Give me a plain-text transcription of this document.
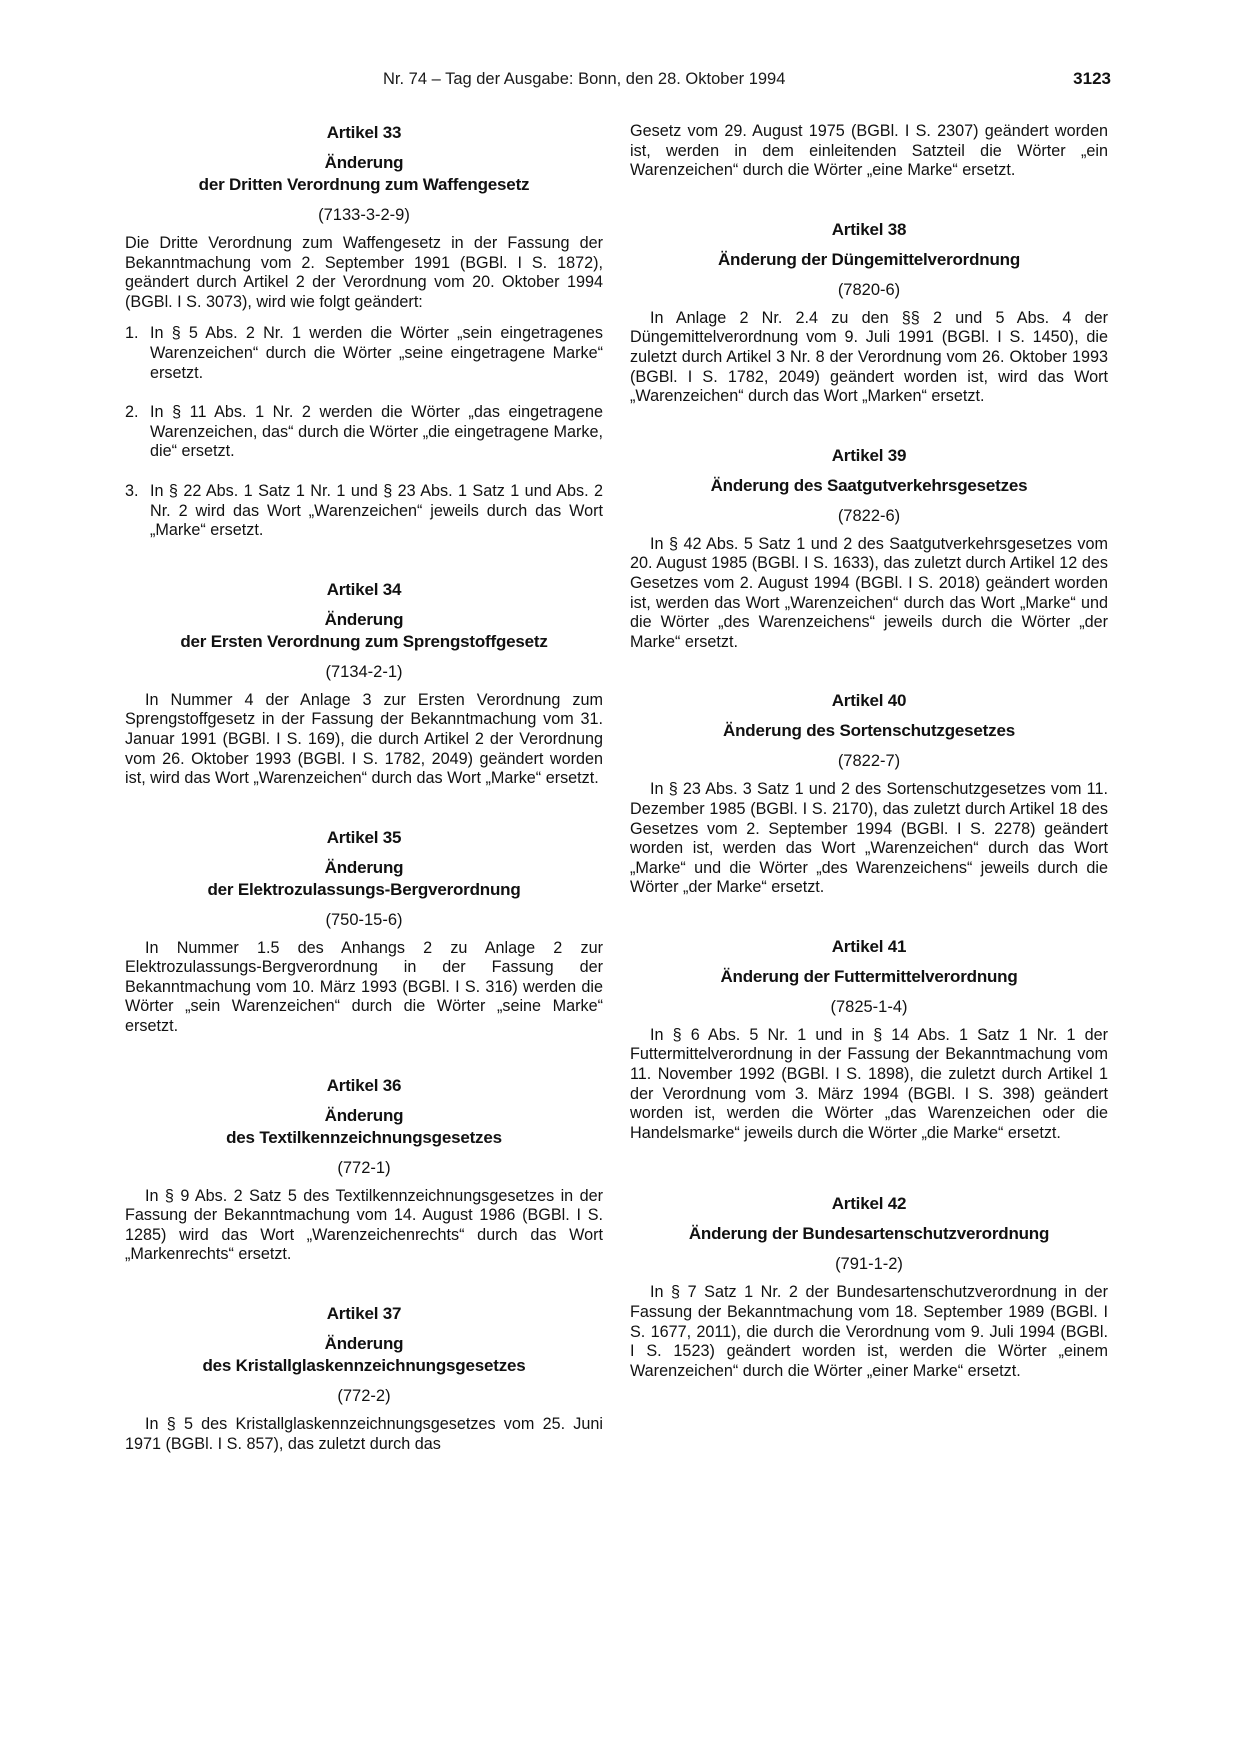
Nr. 74 – Tag der Ausgabe: Bonn, den 28. Oktober 1994	3123
Artikel 33
Änderung
der Dritten Verordnung zum Waffengesetz
(7133-3-2-9)

Die Dritte Verordnung zum Waffengesetz in der Fassung der Bekanntmachung vom 2. September 1991 (BGBl. I S. 1872), geändert durch Artikel 2 der Verordnung vom 20. Oktober 1994 (BGBl. I S. 3073), wird wie folgt geändert:

1. In § 5 Abs. 2 Nr. 1 werden die Wörter „sein eingetragenes Warenzeichen“ durch die Wörter „seine eingetragene Marke“ ersetzt.
2. In § 11 Abs. 1 Nr. 2 werden die Wörter „das eingetragene Warenzeichen, das“ durch die Wörter „die eingetragene Marke, die“ ersetzt.
3. In § 22 Abs. 1 Satz 1 Nr. 1 und § 23 Abs. 1 Satz 1 und Abs. 2 Nr. 2 wird das Wort „Warenzeichen“ jeweils durch das Wort „Marke“ ersetzt.
Artikel 34
Änderung
der Ersten Verordnung zum Sprengstoffgesetz
(7134-2-1)

In Nummer 4 der Anlage 3 zur Ersten Verordnung zum Sprengstoffgesetz in der Fassung der Bekanntmachung vom 31. Januar 1991 (BGBl. I S. 169), die durch Artikel 2 der Verordnung vom 26. Oktober 1993 (BGBl. I S. 1782, 2049) geändert worden ist, wird das Wort „Warenzeichen“ durch das Wort „Marke“ ersetzt.

Artikel 35
Änderung
der Elektrozulassungs-Bergverordnung
(750-15-6)

In Nummer 1.5 des Anhangs 2 zu Anlage 2 zur Elektrozulassungs-Bergverordnung in der Fassung der Bekanntmachung vom 10. März 1993 (BGBl. I S. 316) werden die Wörter „sein Warenzeichen“ durch die Wörter „seine Marke“ ersetzt.

Artikel 36
Änderung
des Textilkennzeichnungsgesetzes
(772-1)

In § 9 Abs. 2 Satz 5 des Textilkennzeichnungsgesetzes in der Fassung der Bekanntmachung vom 14. August 1986 (BGBl. I S. 1285) wird das Wort „Warenzeichenrechts“ durch das Wort „Markenrechts“ ersetzt.

Artikel 37
Änderung
des Kristallglaskennzeichnungsgesetzes
(772-2)

In § 5 des Kristallglaskennzeichnungsgesetzes vom 25. Juni 1971 (BGBl. I S. 857), das zuletzt durch das

Gesetz vom 29. August 1975 (BGBl. I S. 2307) geändert worden ist, werden in dem einleitenden Satzteil die Wörter „ein Warenzeichen“ durch die Wörter „eine Marke“ ersetzt.

Artikel 38
Änderung der Düngemittelverordnung
(7820-6)

In Anlage 2 Nr. 2.4 zu den §§ 2 und 5 Abs. 4 der Düngemittelverordnung vom 9. Juli 1991 (BGBl. I S. 1450), die zuletzt durch Artikel 3 Nr. 8 der Verordnung vom 26. Oktober 1993 (BGBl. I S. 1782, 2049) geändert worden ist, wird das Wort „Warenzeichen“ durch das Wort „Marken“ ersetzt.

Artikel 39
Änderung des Saatgutverkehrsgesetzes
(7822-6)

In § 42 Abs. 5 Satz 1 und 2 des Saatgutverkehrsgesetzes vom 20. August 1985 (BGBl. I S. 1633), das zuletzt durch Artikel 12 des Gesetzes vom 2. August 1994 (BGBl. I S. 2018) geändert worden ist, werden das Wort „Warenzeichen“ durch das Wort „Marke“ und die Wörter „des Warenzeichens“ jeweils durch die Wörter „der Marke“ ersetzt.

Artikel 40
Änderung des Sortenschutzgesetzes
(7822-7)

In § 23 Abs. 3 Satz 1 und 2 des Sortenschutzgesetzes vom 11. Dezember 1985 (BGBl. I S. 2170), das zuletzt durch Artikel 18 des Gesetzes vom 2. September 1994 (BGBl. I S. 2278) geändert worden ist, werden das Wort „Warenzeichen“ durch das Wort „Marke“ und die Wörter „des Warenzeichens“ jeweils durch die Wörter „der Marke“ ersetzt.

Artikel 41
Änderung der Futtermittelverordnung
(7825-1-4)

In § 6 Abs. 5 Nr. 1 und in § 14 Abs. 1 Satz 1 Nr. 1 der Futtermittelverordnung in der Fassung der Bekanntmachung vom 11. November 1992 (BGBl. I S. 1898), die zuletzt durch Artikel 1 der Verordnung vom 3. März 1994 (BGBl. I S. 398) geändert worden ist, werden die Wörter „das Warenzeichen oder die Handelsmarke“ jeweils durch die Wörter „die Marke“ ersetzt.

Artikel 42
Änderung der Bundesartenschutzverordnung
(791-1-2)

In § 7 Satz 1 Nr. 2 der Bundesartenschutzverordnung in der Fassung der Bekanntmachung vom 18. September 1989 (BGBl. I S. 1677, 2011), die durch die Verordnung vom 9. Juli 1994 (BGBl. I S. 1523) geändert worden ist, werden die Wörter „einem Warenzeichen“ durch die Wörter „einer Marke“ ersetzt.
